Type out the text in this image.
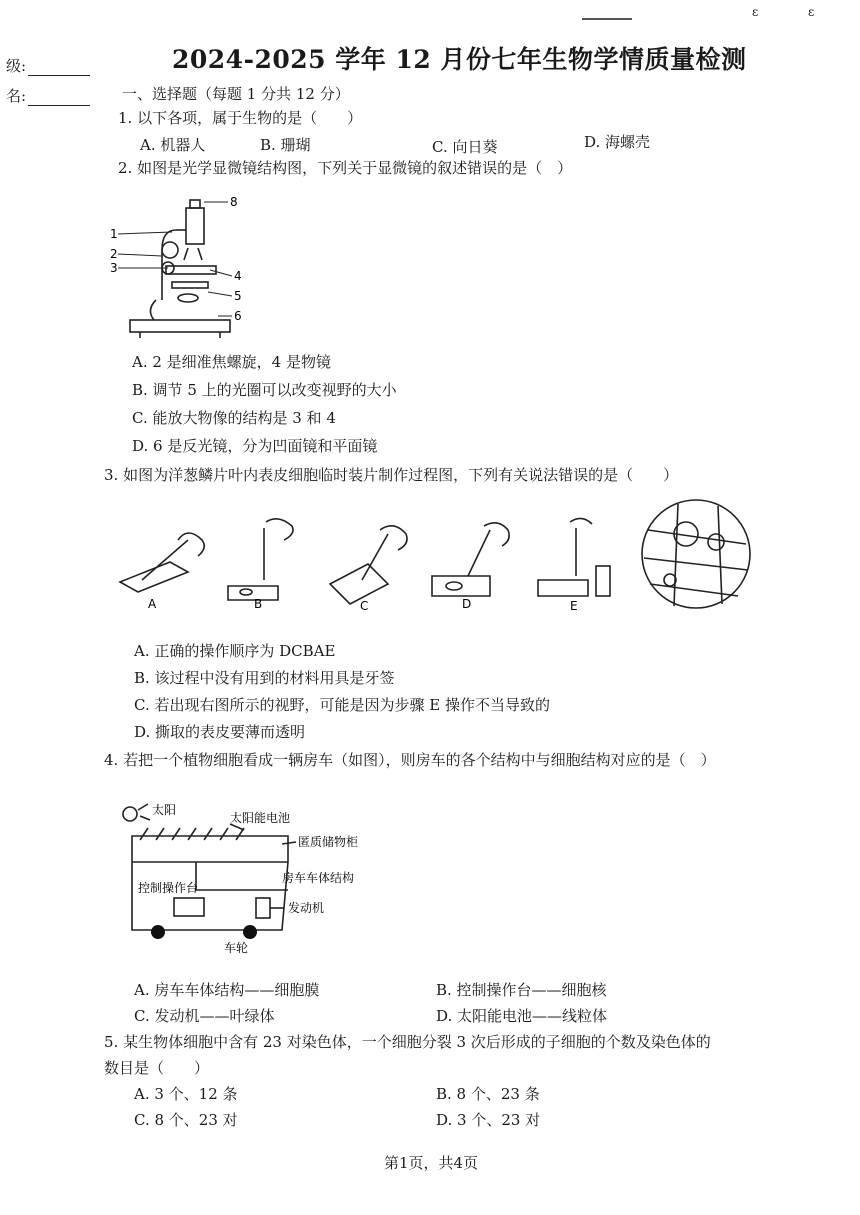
ε	ε
级:
名:
2024-2025 学年 12 月份七年生物学情质量检测
一、选择题（每题 1 分共 12 分）
1. 以下各项，属于生物的是（　　）
A. 机器人	B. 珊瑚	C. 向日葵	D. 海螺壳
2. 如图是光学显微镜结构图，下列关于显微镜的叙述错误的是（　）
1
2
3
4
5
6
8
A. 2 是细准焦螺旋，4 是物镜
B. 调节 5 上的光圈可以改变视野的大小
C. 能放大物像的结构是 3 和 4
D. 6 是反光镜，分为凹面镜和平面镜
3. 如图为洋葱鳞片叶内表皮细胞临时装片制作过程图，下列有关说法错误的是（　　）
A	B	C	D	E
A. 正确的操作顺序为 DCBAE
B. 该过程中没有用到的材料用具是牙签
C. 若出现右图所示的视野，可能是因为步骤 E 操作不当导致的
D. 撕取的表皮要薄而透明
4. 若把一个植物细胞看成一辆房车（如图），则房车的各个结构中与细胞结构对应的是（　）
太阳
太阳能电池
匿质储物柜
房车车体结构
控制操作台
发动机
车轮
A. 房车车体结构——细胞膜	B. 控制操作台——细胞核
C. 发动机——叶绿体	D. 太阳能电池——线粒体
5. 某生物体细胞中含有 23 对染色体，一个细胞分裂 3 次后形成的子细胞的个数及染色体的
数目是（　　）
A. 3 个、12 条	B. 8 个、23 条
C. 8 个、23 对	D. 3 个、23 对
第1页，共4页
